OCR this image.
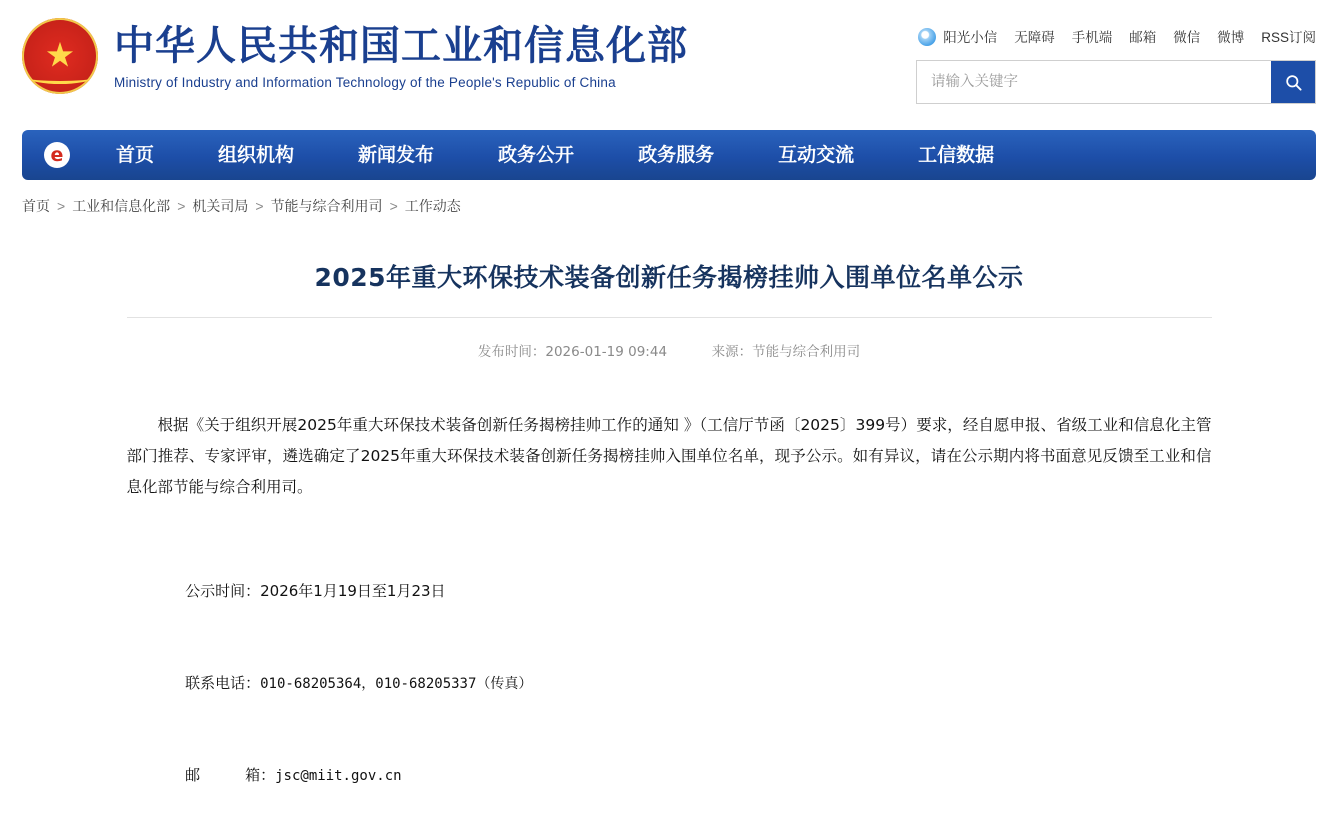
★
中华人民共和国工业和信息化部
Ministry of Industry and Information Technology of the People's Republic of China
阳光小信 无障碍 手机端 邮箱 微信 微博 RSS订阅
请输入关键字
e	首页	组织机构	新闻发布	政务公开	政务服务	互动交流	工信数据
首页 > 工业和信息化部 > 机关司局 > 节能与综合利用司 > 工作动态
2025年重大环保技术装备创新任务揭榜挂帅入围单位名单公示
发布时间：2026-01-19 09:44	来源：节能与综合利用司

根据《关于组织开展2025年重大环保技术装备创新任务揭榜挂帅工作的通知 》（工信厅节函〔2025〕399号）要求，经自愿申报、省级工业和信息化主管部门推荐、专家评审，遴选确定了2025年重大环保技术装备创新任务揭榜挂帅入围单位名单，现予公示。如有异议，请在公示期内将书面意见反馈至工业和信息化部节能与综合利用司。

公示时间：2026年1月19日至1月23日

联系电话：010-68205364，010-68205337（传真）

邮　　　箱：jsc@miit.gov.cn
